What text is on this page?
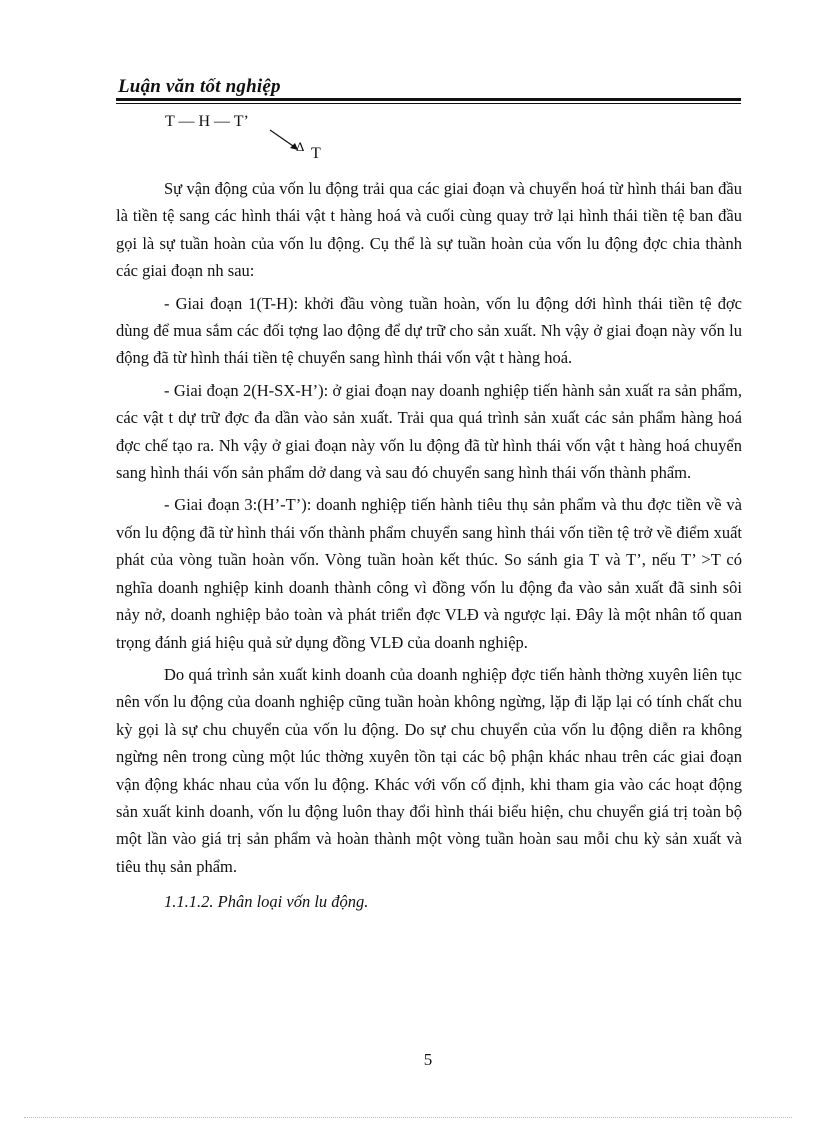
Luận văn tốt nghiệp
T — H — T’
Δ T

Sự vận động của vốn lu động trải qua các giai đoạn và chuyển hoá từ hình thái ban đầu là tiền tệ sang các hình thái vật t hàng hoá và cuối cùng quay trở lại hình thái tiền tệ ban đầu gọi là sự tuần hoàn của vốn lu động. Cụ thể là sự tuần hoàn của vốn lu động đợc chia thành các giai đoạn nh sau:

- Giai đoạn 1(T-H): khởi đầu vòng tuần hoàn, vốn lu động dới hình thái tiền tệ đợc dùng để mua sắm các đối tợng lao động để dự trữ cho sản xuất. Nh vậy ở giai đoạn này vốn lu động đã từ hình thái tiền tệ chuyển sang hình thái vốn vật t hàng hoá.

- Giai đoạn 2(H-SX-H’): ở giai đoạn nay doanh nghiệp tiến hành sản xuất ra sản phẩm, các vật t dự trữ đợc đa dần vào sản xuất. Trải qua quá trình sản xuất các sản phẩm hàng hoá đợc chế tạo ra. Nh vậy ở giai đoạn này vốn lu động đã từ hình thái vốn vật t hàng hoá chuyển sang hình thái vốn sản phẩm dở dang và sau đó chuyển sang hình thái vốn thành phẩm.

- Giai đoạn 3:(H’-T’): doanh nghiệp tiến hành tiêu thụ sản phẩm và thu đợc tiền về và vốn lu động đã từ hình thái vốn thành phẩm chuyển sang hình thái vốn tiền tệ trở về điểm xuất phát của vòng tuần hoàn vốn. Vòng tuần hoàn kết thúc. So sánh gia T và T’, nếu T’ >T có nghĩa doanh nghiệp kinh doanh thành công vì đồng vốn lu động đa vào sản xuất đã sinh sôi nảy nở, doanh nghiệp bảo toàn và phát triển đợc VLĐ và ngược lại. Đây là một nhân tố quan trọng đánh giá hiệu quả sử dụng đồng VLĐ của doanh nghiệp.

Do quá trình sản xuất kinh doanh của doanh nghiệp đợc tiến hành thờng xuyên liên tục nên vốn lu động của doanh nghiệp cũng tuần hoàn không ngừng, lặp đi lặp lại có tính chất chu kỳ gọi là sự chu chuyển của vốn lu động. Do sự chu chuyển của vốn lu động diễn ra không ngừng nên trong cùng một lúc thờng xuyên tồn tại các bộ phận khác nhau trên các giai đoạn vận động khác nhau của vốn lu động. Khác với vốn cố định, khi tham gia vào các hoạt động sản xuất kinh doanh, vốn lu động luôn thay đổi hình thái biểu hiện, chu chuyển giá trị toàn bộ một lần vào giá trị sản phẩm và hoàn thành một vòng tuần hoàn sau mỗi chu kỳ sản xuất và tiêu thụ sản phẩm.

1.1.1.2. Phân loại vốn lu động.

5
